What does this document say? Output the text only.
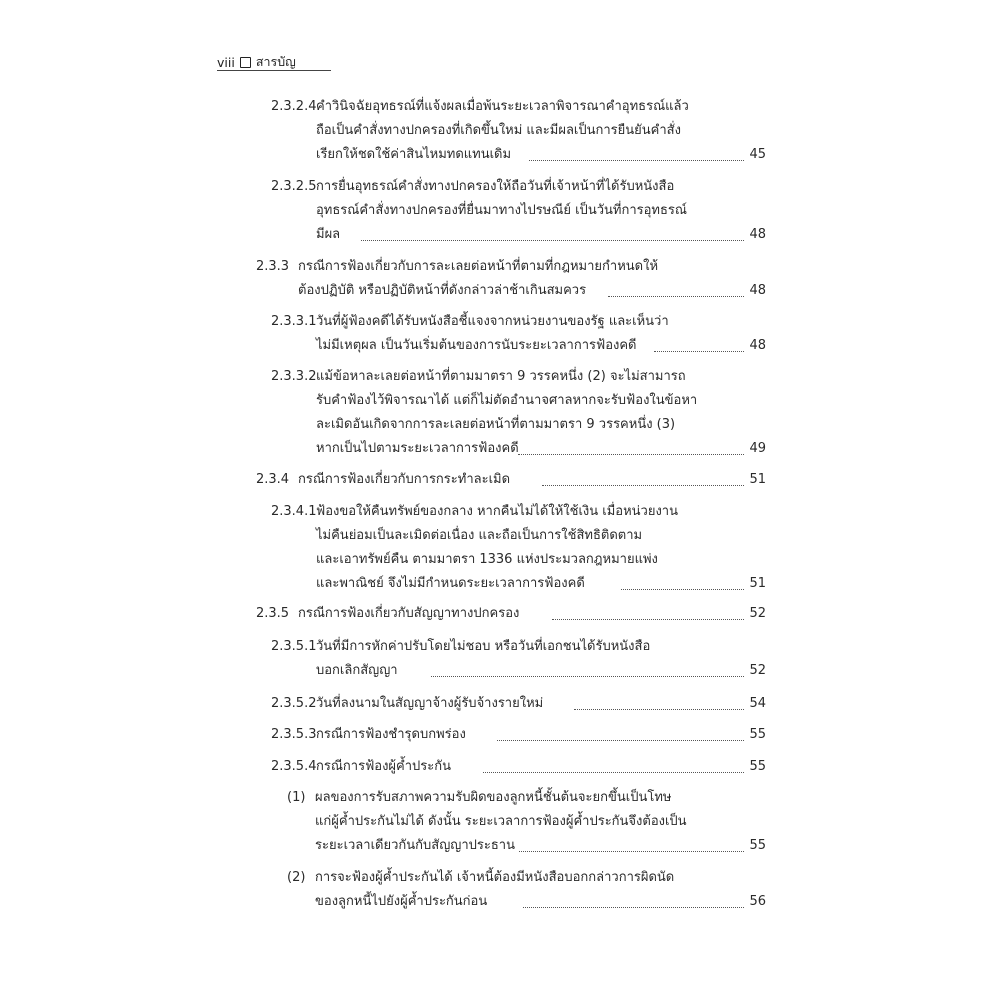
viii สารบัญ
2.3.2.4 คำวินิจฉัยอุทธรณ์ที่แจ้งผลเมื่อพ้นระยะเวลาพิจารณาคำอุทธรณ์แล้ว
ถือเป็นคำสั่งทางปกครองที่เกิดขึ้นใหม่ และมีผลเป็นการยืนยันคำสั่ง
เรียกให้ชดใช้ค่าสินไหมทดแทนเดิม	45
2.3.2.5 การยื่นอุทธรณ์คำสั่งทางปกครองให้ถือวันที่เจ้าหน้าที่ได้รับหนังสือ
อุทธรณ์คำสั่งทางปกครองที่ยื่นมาทางไปรษณีย์ เป็นวันที่การอุทธรณ์
มีผล	48
2.3.3 กรณีการฟ้องเกี่ยวกับการละเลยต่อหน้าที่ตามที่กฎหมายกำหนดให้
ต้องปฏิบัติ หรือปฏิบัติหน้าที่ดังกล่าวล่าช้าเกินสมควร	48
2.3.3.1 วันที่ผู้ฟ้องคดีได้รับหนังสือชี้แจงจากหน่วยงานของรัฐ และเห็นว่า
ไม่มีเหตุผล เป็นวันเริ่มต้นของการนับระยะเวลาการฟ้องคดี	48
2.3.3.2 แม้ข้อหาละเลยต่อหน้าที่ตามมาตรา 9 วรรคหนึ่ง (2) จะไม่สามารถ
รับคำฟ้องไว้พิจารณาได้ แต่ก็ไม่ตัดอำนาจศาลหากจะรับฟ้องในข้อหา
ละเมิดอันเกิดจากการละเลยต่อหน้าที่ตามมาตรา 9 วรรคหนึ่ง (3)
หากเป็นไปตามระยะเวลาการฟ้องคดี	49
2.3.4 กรณีการฟ้องเกี่ยวกับการกระทำละเมิด	51
2.3.4.1 ฟ้องขอให้คืนทรัพย์ของกลาง หากคืนไม่ได้ให้ใช้เงิน เมื่อหน่วยงาน
ไม่คืนย่อมเป็นละเมิดต่อเนื่อง และถือเป็นการใช้สิทธิติดตาม
และเอาทรัพย์คืน ตามมาตรา 1336 แห่งประมวลกฎหมายแพ่ง
และพาณิชย์ จึงไม่มีกำหนดระยะเวลาการฟ้องคดี	51
2.3.5 กรณีการฟ้องเกี่ยวกับสัญญาทางปกครอง	52
2.3.5.1 วันที่มีการหักค่าปรับโดยไม่ชอบ หรือวันที่เอกชนได้รับหนังสือ
บอกเลิกสัญญา	52
2.3.5.2 วันที่ลงนามในสัญญาจ้างผู้รับจ้างรายใหม่	54
2.3.5.3 กรณีการฟ้องชำรุดบกพร่อง	55
2.3.5.4 กรณีการฟ้องผู้ค้ำประกัน	55
(1) ผลของการรับสภาพความรับผิดของลูกหนี้ชั้นต้นจะยกขึ้นเป็นโทษ
แก่ผู้ค้ำประกันไม่ได้ ดังนั้น ระยะเวลาการฟ้องผู้ค้ำประกันจึงต้องเป็น
ระยะเวลาเดียวกันกับสัญญาประธาน	55
(2) การจะฟ้องผู้ค้ำประกันได้ เจ้าหนี้ต้องมีหนังสือบอกกล่าวการผิดนัด
ของลูกหนี้ไปยังผู้ค้ำประกันก่อน	56
